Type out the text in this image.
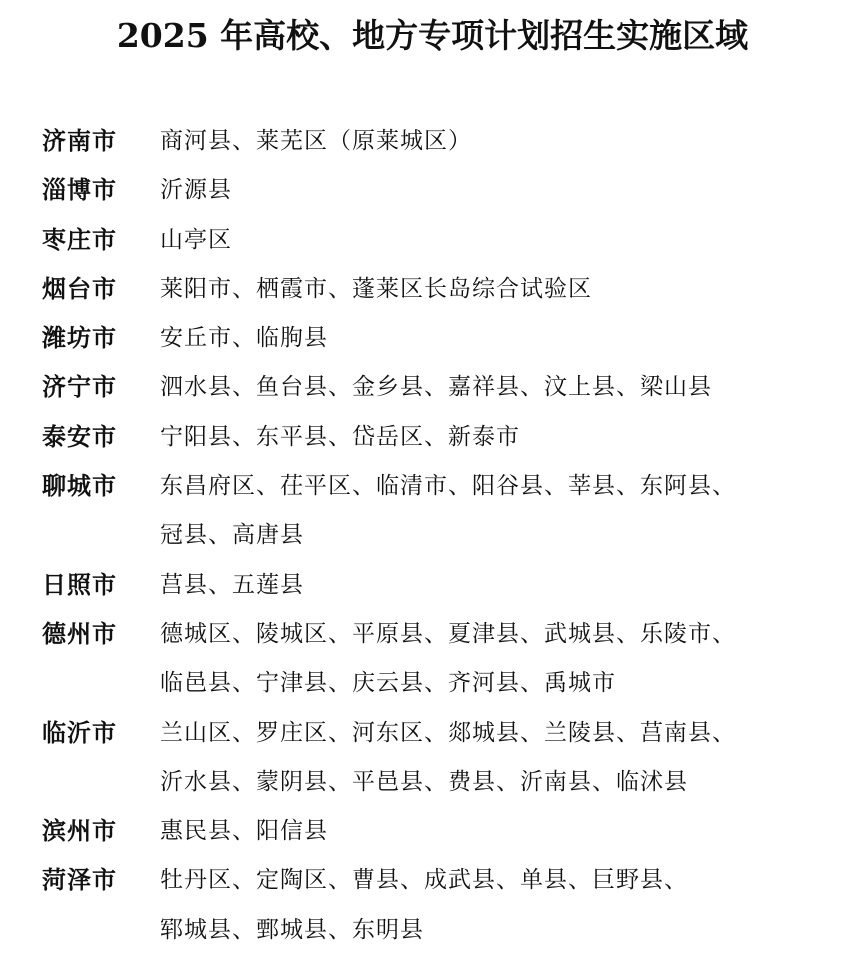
2025 年高校、地方专项计划招生实施区域
济南市	商河县、莱芜区（原莱城区）
淄博市	沂源县
枣庄市	山亭区
烟台市	莱阳市、栖霞市、蓬莱区长岛综合试验区
潍坊市	安丘市、临朐县
济宁市	泗水县、鱼台县、金乡县、嘉祥县、汶上县、梁山县
泰安市	宁阳县、东平县、岱岳区、新泰市
聊城市	东昌府区、茌平区、临清市、阳谷县、莘县、东阿县、
冠县、高唐县
日照市	莒县、五莲县
德州市	德城区、陵城区、平原县、夏津县、武城县、乐陵市、
临邑县、宁津县、庆云县、齐河县、禹城市
临沂市	兰山区、罗庄区、河东区、郯城县、兰陵县、莒南县、
沂水县、蒙阴县、平邑县、费县、沂南县、临沭县
滨州市	惠民县、阳信县
菏泽市	牡丹区、定陶区、曹县、成武县、单县、巨野县、
郓城县、鄄城县、东明县
